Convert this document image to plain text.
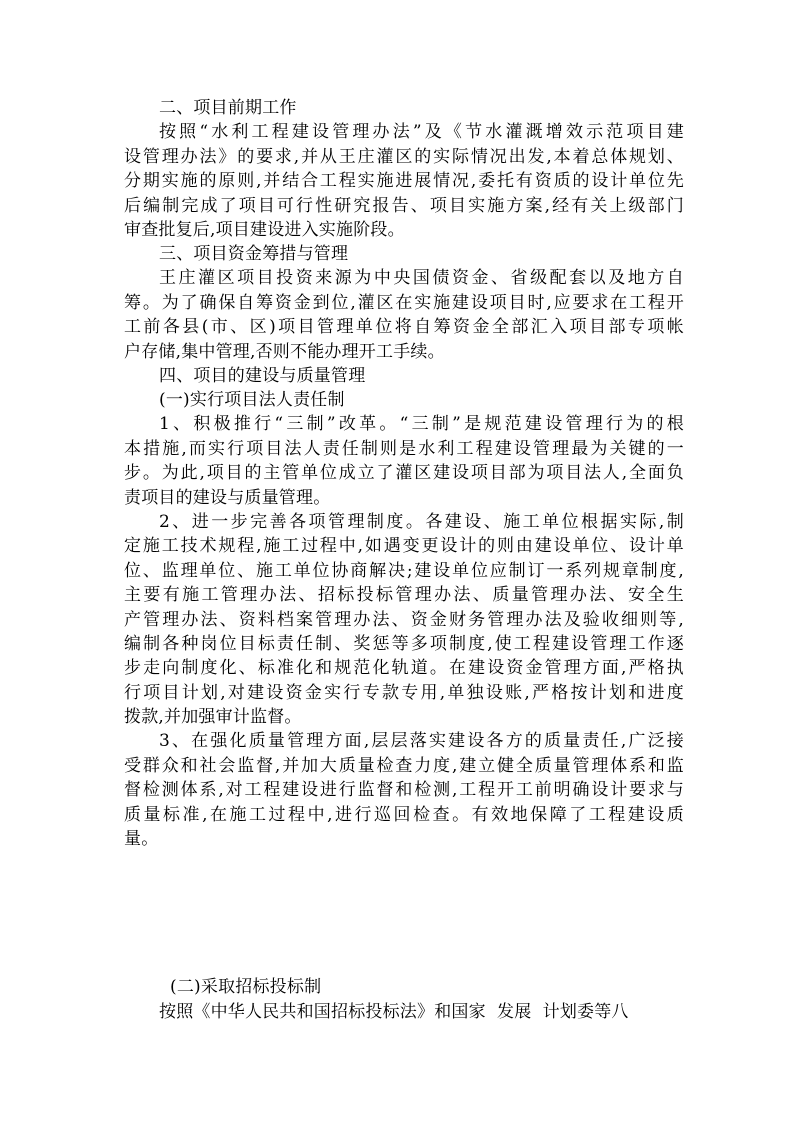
二、项目前期工作
按照“水利工程建设管理办法”及《节水灌溉增效示范项目建
设管理办法》的要求,并从王庄灌区的实际情况出发,本着总体规划、
分期实施的原则,并结合工程实施进展情况,委托有资质的设计单位先
后编制完成了项目可行性研究报告、项目实施方案,经有关上级部门
审查批复后,项目建设进入实施阶段。
三、项目资金筹措与管理
王庄灌区项目投资来源为中央国债资金、省级配套以及地方自
筹。为了确保自筹资金到位,灌区在实施建设项目时,应要求在工程开
工前各县(市、区)项目管理单位将自筹资金全部汇入项目部专项帐
户存储,集中管理,否则不能办理开工手续。
四、项目的建设与质量管理
(一)实行项目法人责任制
1、积极推行“三制”改革。“三制”是规范建设管理行为的根
本措施,而实行项目法人责任制则是水利工程建设管理最为关键的一
步。为此,项目的主管单位成立了灌区建设项目部为项目法人,全面负
责项目的建设与质量管理。
2、进一步完善各项管理制度。各建设、施工单位根据实际,制
定施工技术规程,施工过程中,如遇变更设计的则由建设单位、设计单
位、监理单位、施工单位协商解决;建设单位应制订一系列规章制度,
主要有施工管理办法、招标投标管理办法、质量管理办法、安全生
产管理办法、资料档案管理办法、资金财务管理办法及验收细则等,
编制各种岗位目标责任制、奖惩等多项制度,使工程建设管理工作逐
步走向制度化、标准化和规范化轨道。在建设资金管理方面,严格执
行项目计划,对建设资金实行专款专用,单独设账,严格按计划和进度
拨款,并加强审计监督。
3、在强化质量管理方面,层层落实建设各方的质量责任,广泛接
受群众和社会监督,并加大质量检查力度,建立健全质量管理体系和监
督检测体系,对工程建设进行监督和检测,工程开工前明确设计要求与
质量标准,在施工过程中,进行巡回检查。有效地保障了工程建设质
量。
(二)采取招标投标制
按照《中华人民共和国招标投标法》和国家  发展  计划委等八
